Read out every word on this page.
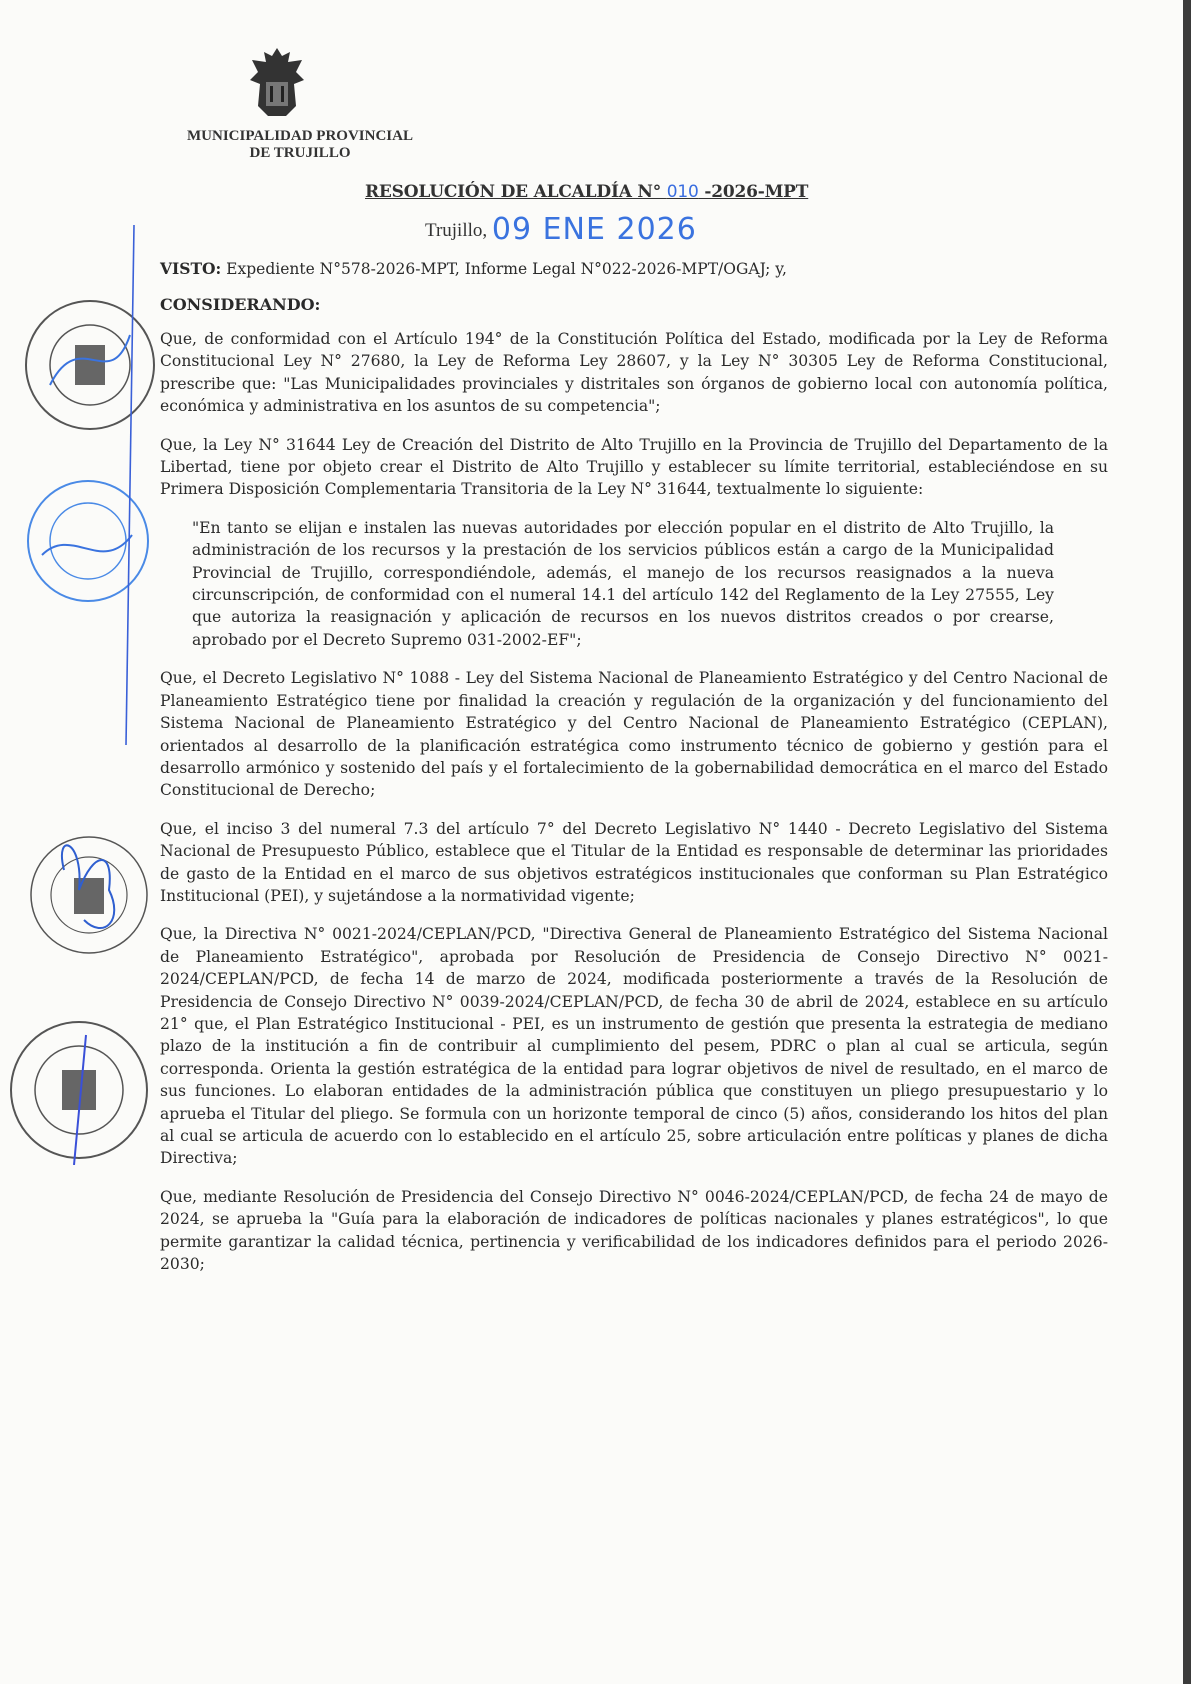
MUNICIPALIDAD PROVINCIAL
DE TRUJILLO
RESOLUCIÓN DE ALCALDÍA N° 010 -2026-MPT
Trujillo, 09 ENE 2026
VISTO: Expediente N°578-2026-MPT, Informe Legal N°022-2026-MPT/OGAJ; y,
CONSIDERANDO:

Que, de conformidad con el Artículo 194° de la Constitución Política del Estado, modificada por la Ley de Reforma Constitucional Ley N° 27680, la Ley de Reforma Ley 28607, y la Ley N° 30305 Ley de Reforma Constitucional, prescribe que: "Las Municipalidades provinciales y distritales son órganos de gobierno local con autonomía política, económica y administrativa en los asuntos de su competencia";

Que, la Ley N° 31644 Ley de Creación del Distrito de Alto Trujillo en la Provincia de Trujillo del Departamento de la Libertad, tiene por objeto crear el Distrito de Alto Trujillo y establecer su límite territorial, estableciéndose en su Primera Disposición Complementaria Transitoria de la Ley N° 31644, textualmente lo siguiente:

"En tanto se elijan e instalen las nuevas autoridades por elección popular en el distrito de Alto Trujillo, la administración de los recursos y la prestación de los servicios públicos están a cargo de la Municipalidad Provincial de Trujillo, correspondiéndole, además, el manejo de los recursos reasignados a la nueva circunscripción, de conformidad con el numeral 14.1 del artículo 142 del Reglamento de la Ley 27555, Ley que autoriza la reasignación y aplicación de recursos en los nuevos distritos creados o por crearse, aprobado por el Decreto Supremo 031-2002-EF";

Que, el Decreto Legislativo N° 1088 - Ley del Sistema Nacional de Planeamiento Estratégico y del Centro Nacional de Planeamiento Estratégico tiene por finalidad la creación y regulación de la organización y del funcionamiento del Sistema Nacional de Planeamiento Estratégico y del Centro Nacional de Planeamiento Estratégico (CEPLAN), orientados al desarrollo de la planificación estratégica como instrumento técnico de gobierno y gestión para el desarrollo armónico y sostenido del país y el fortalecimiento de la gobernabilidad democrática en el marco del Estado Constitucional de Derecho;

Que, el inciso 3 del numeral 7.3 del artículo 7° del Decreto Legislativo N° 1440 - Decreto Legislativo del Sistema Nacional de Presupuesto Público, establece que el Titular de la Entidad es responsable de determinar las prioridades de gasto de la Entidad en el marco de sus objetivos estratégicos institucionales que conforman su Plan Estratégico Institucional (PEI), y sujetándose a la normatividad vigente;

Que, la Directiva N° 0021-2024/CEPLAN/PCD, "Directiva General de Planeamiento Estratégico del Sistema Nacional de Planeamiento Estratégico", aprobada por Resolución de Presidencia de Consejo Directivo N° 0021-2024/CEPLAN/PCD, de fecha 14 de marzo de 2024, modificada posteriormente a través de la Resolución de Presidencia de Consejo Directivo N° 0039-2024/CEPLAN/PCD, de fecha 30 de abril de 2024, establece en su artículo 21° que, el Plan Estratégico Institucional - PEI, es un instrumento de gestión que presenta la estrategia de mediano plazo de la institución a fin de contribuir al cumplimiento del pesem, PDRC o plan al cual se articula, según corresponda. Orienta la gestión estratégica de la entidad para lograr objetivos de nivel de resultado, en el marco de sus funciones. Lo elaboran entidades de la administración pública que constituyen un pliego presupuestario y lo aprueba el Titular del pliego. Se formula con un horizonte temporal de cinco (5) años, considerando los hitos del plan al cual se articula de acuerdo con lo establecido en el artículo 25, sobre articulación entre políticas y planes de dicha Directiva;

Que, mediante Resolución de Presidencia del Consejo Directivo N° 0046-2024/CEPLAN/PCD, de fecha 24 de mayo de 2024, se aprueba la "Guía para la elaboración de indicadores de políticas nacionales y planes estratégicos", lo que permite garantizar la calidad técnica, pertinencia y verificabilidad de los indicadores definidos para el periodo 2026-2030;
